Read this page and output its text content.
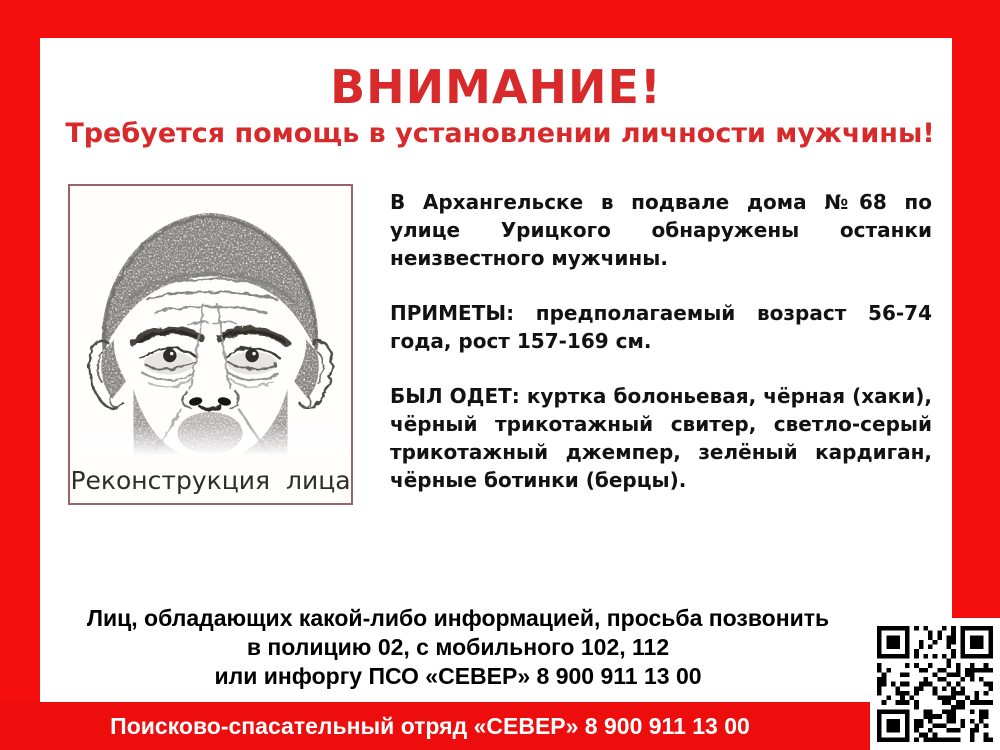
ВНИМАНИЕ!
Требуется помощь в установлении личности мужчины!
Реконструкция лица

В Архангельске в подвале дома №68 по улице Урицкого обнаружены останки неизвестного мужчины.

ПРИМЕТЫ: предполагаемый возраст 56-74 года, рост 157-169 см.

БЫЛ ОДЕТ: куртка болоньевая, чёрная (хаки), чёрный трикотажный свитер, светло-серый трикотажный джемпер, зелёный кардиган, чёрные ботинки (берцы).

Лиц, обладающих какой-либо информацией, просьба позвонить
в полицию 02, с мобильного 102, 112
или инфоргу ПСО «СЕВЕР» 8 900 911 13 00
Поисково-спасательный отряд «СЕВЕР» 8 900 911 13 00
